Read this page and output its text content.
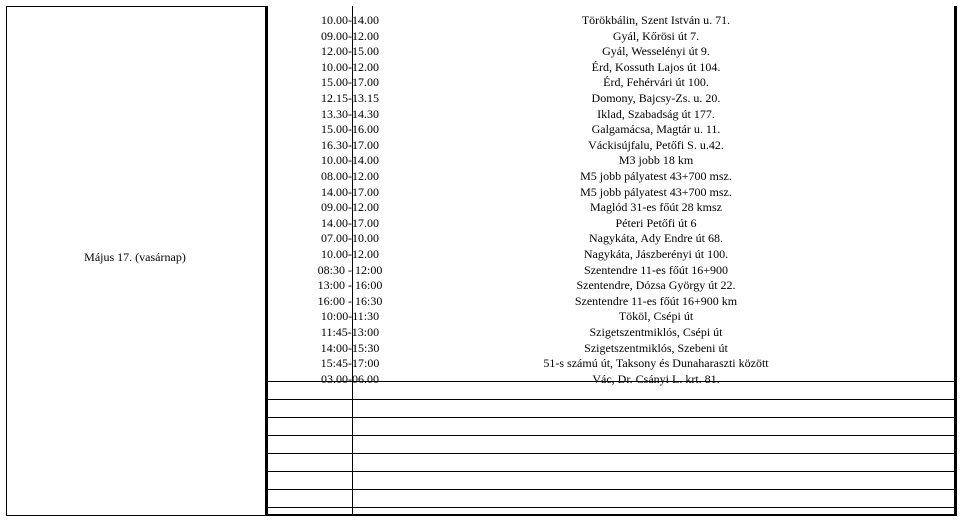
Május 17. (vasárnap)
10.00-14.00	Törökbálin, Szent István u. 71.
09.00-12.00	Gyál, Kőrösi út 7.
12.00-15.00	Gyál, Wesselényi út 9.
10.00-12.00	Érd, Kossuth Lajos út 104.
15.00-17.00	Érd, Fehérvári út 100.
12.15-13.15	Domony, Bajcsy-Zs. u. 20.
13.30-14.30	Iklad, Szabadság út 177.
15.00-16.00	Galgamácsa, Magtár u. 11.
16.30-17.00	Váckisújfalu, Petőfi S. u.42.
10.00-14.00	M3 jobb 18 km
08.00-12.00	M5 jobb pályatest 43+700 msz.
14.00-17.00	M5 jobb pályatest 43+700 msz.
09.00-12.00	Maglód 31-es főút 28 kmsz
14.00-17.00	Péteri Petőfi út 6
07.00-10.00	Nagykáta, Ady Endre út 68.
10.00-12.00	Nagykáta, Jászberényi út 100.
08:30 - 12:00	Szentendre 11-es főút 16+900
13:00 - 16:00	Szentendre, Dózsa György út 22.
16:00 - 16:30	Szentendre 11-es főút 16+900 km
10:00-11:30	Tököl, Csépi út
11:45-13:00	Szigetszentmiklós, Csépi út
14:00-15:30	Szigetszentmiklós, Szebeni út
15:45-17:00	51-s számú út, Taksony és Dunaharaszti között
03.00-06.00	Vác, Dr. Csányi L. krt. 81.
